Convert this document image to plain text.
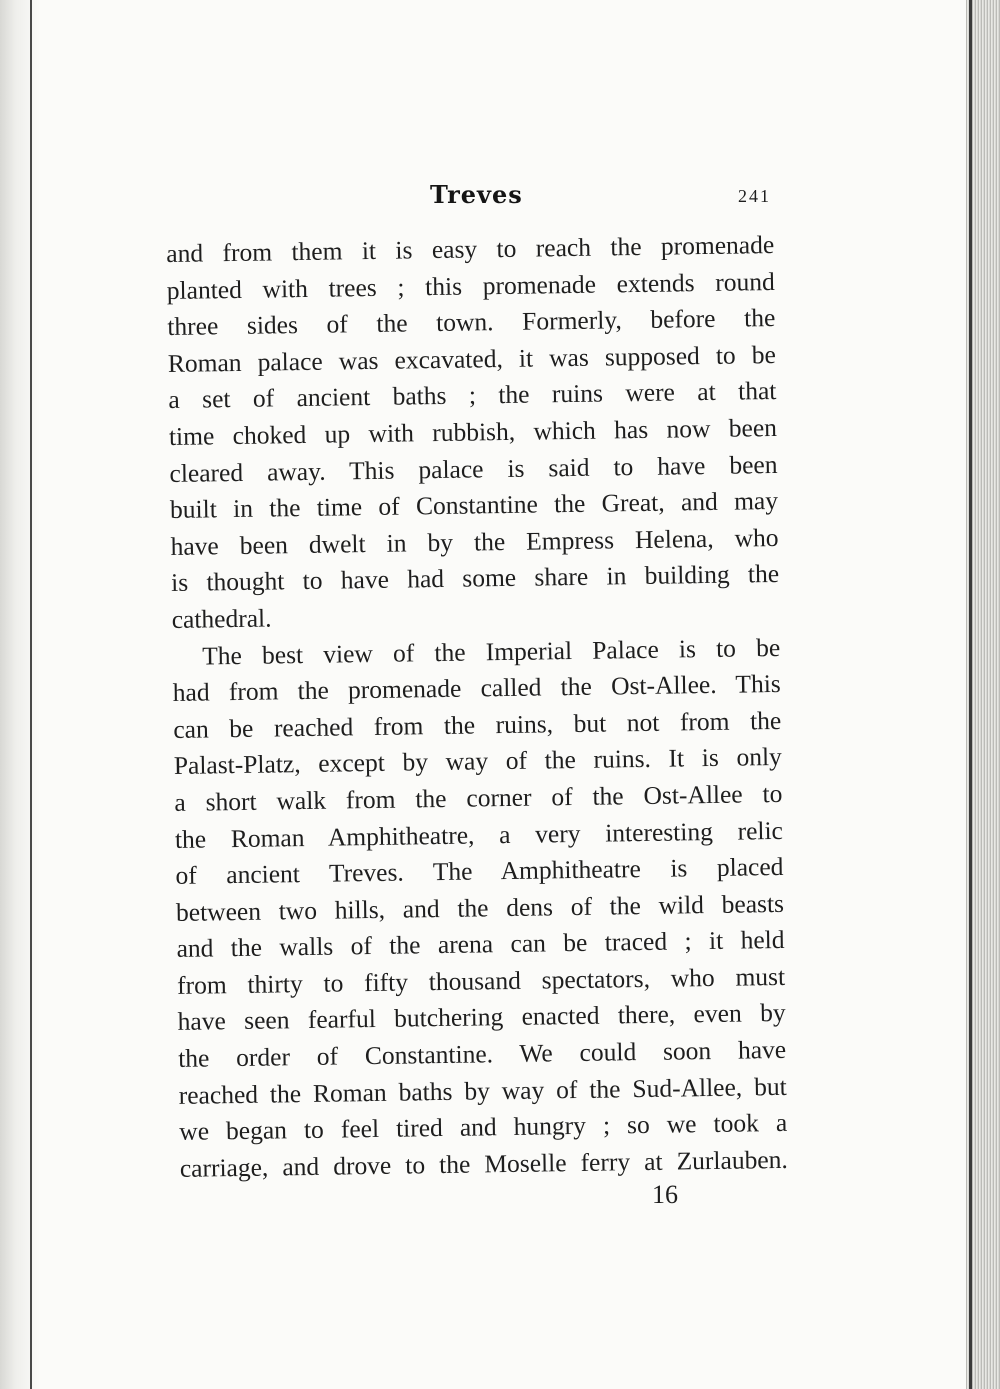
Treves	241
and from them it is easy to reach the promenade
planted with trees ; this promenade extends round
three sides of the town. Formerly, before the
Roman palace was excavated, it was supposed to be
a set of ancient baths ; the ruins were at that
time choked up with rubbish, which has now been
cleared away. This palace is said to have been
built in the time of Constantine the Great, and may
have been dwelt in by the Empress Helena, who
is thought to have had some share in building the
cathedral.
The best view of the Imperial Palace is to be
had from the promenade called the Ost-Allee. This
can be reached from the ruins, but not from the
Palast-Platz, except by way of the ruins. It is only
a short walk from the corner of the Ost-Allee to
the Roman Amphitheatre, a very interesting relic
of ancient Treves. The Amphitheatre is placed
between two hills, and the dens of the wild beasts
and the walls of the arena can be traced ; it held
from thirty to fifty thousand spectators, who must
have seen fearful butchering enacted there, even by
the order of Constantine. We could soon have
reached the Roman baths by way of the Sud-Allee, but
we began to feel tired and hungry ; so we took a
carriage, and drove to the Moselle ferry at Zurlauben.
16
